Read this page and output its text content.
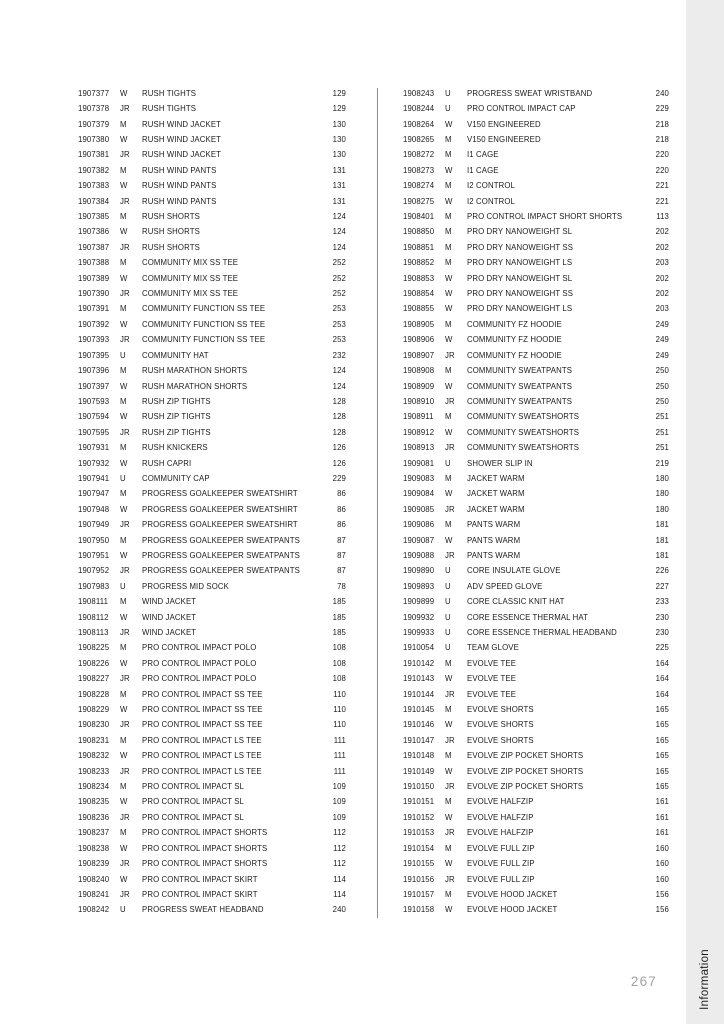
1907377	W	RUSH TIGHTS	129
1907378	JR	RUSH TIGHTS	129
1907379	M	RUSH WIND JACKET	130
1907380	W	RUSH WIND JACKET	130
1907381	JR	RUSH WIND JACKET	130
1907382	M	RUSH WIND PANTS	131
1907383	W	RUSH WIND PANTS	131
1907384	JR	RUSH WIND PANTS	131
1907385	M	RUSH SHORTS	124
1907386	W	RUSH SHORTS	124
1907387	JR	RUSH SHORTS	124
1907388	M	COMMUNITY MIX SS TEE	252
1907389	W	COMMUNITY MIX SS TEE	252
1907390	JR	COMMUNITY MIX SS TEE	252
1907391	M	COMMUNITY FUNCTION SS TEE	253
1907392	W	COMMUNITY FUNCTION SS TEE	253
1907393	JR	COMMUNITY FUNCTION SS TEE	253
1907395	U	COMMUNITY HAT	232
1907396	M	RUSH MARATHON SHORTS	124
1907397	W	RUSH MARATHON SHORTS	124
1907593	M	RUSH ZIP TIGHTS	128
1907594	W	RUSH ZIP TIGHTS	128
1907595	JR	RUSH ZIP TIGHTS	128
1907931	M	RUSH KNICKERS	126
1907932	W	RUSH CAPRI	126
1907941	U	COMMUNITY CAP	229
1907947	M	PROGRESS GOALKEEPER SWEATSHIRT	86
1907948	W	PROGRESS GOALKEEPER SWEATSHIRT	86
1907949	JR	PROGRESS GOALKEEPER SWEATSHIRT	86
1907950	M	PROGRESS GOALKEEPER SWEATPANTS	87
1907951	W	PROGRESS GOALKEEPER SWEATPANTS	87
1907952	JR	PROGRESS GOALKEEPER SWEATPANTS	87
1907983	U	PROGRESS MID SOCK	78
1908111	M	WIND JACKET	185
1908112	W	WIND JACKET	185
1908113	JR	WIND JACKET	185
1908225	M	PRO CONTROL IMPACT POLO	108
1908226	W	PRO CONTROL IMPACT POLO	108
1908227	JR	PRO CONTROL IMPACT POLO	108
1908228	M	PRO CONTROL IMPACT SS TEE	110
1908229	W	PRO CONTROL IMPACT SS TEE	110
1908230	JR	PRO CONTROL IMPACT SS TEE	110
1908231	M	PRO CONTROL IMPACT LS TEE	111
1908232	W	PRO CONTROL IMPACT LS TEE	111
1908233	JR	PRO CONTROL IMPACT LS TEE	111
1908234	M	PRO CONTROL IMPACT SL	109
1908235	W	PRO CONTROL IMPACT SL	109
1908236	JR	PRO CONTROL IMPACT SL	109
1908237	M	PRO CONTROL IMPACT SHORTS	112
1908238	W	PRO CONTROL IMPACT SHORTS	112
1908239	JR	PRO CONTROL IMPACT SHORTS	112
1908240	W	PRO CONTROL IMPACT SKIRT	114
1908241	JR	PRO CONTROL IMPACT SKIRT	114
1908242	U	PROGRESS SWEAT HEADBAND	240
1908243	U	PROGRESS SWEAT WRISTBAND	240
1908244	U	PRO CONTROL IMPACT CAP	229
1908264	W	V150 ENGINEERED	218
1908265	M	V150 ENGINEERED	218
1908272	M	I1 CAGE	220
1908273	W	I1 CAGE	220
1908274	M	I2 CONTROL	221
1908275	W	I2 CONTROL	221
1908401	M	PRO CONTROL IMPACT SHORT SHORTS	113
1908850	M	PRO DRY NANOWEIGHT SL	202
1908851	M	PRO DRY NANOWEIGHT SS	202
1908852	M	PRO DRY NANOWEIGHT LS	203
1908853	W	PRO DRY NANOWEIGHT SL	202
1908854	W	PRO DRY NANOWEIGHT SS	202
1908855	W	PRO DRY NANOWEIGHT LS	203
1908905	M	COMMUNITY FZ HOODIE	249
1908906	W	COMMUNITY FZ HOODIE	249
1908907	JR	COMMUNITY FZ HOODIE	249
1908908	M	COMMUNITY SWEATPANTS	250
1908909	W	COMMUNITY SWEATPANTS	250
1908910	JR	COMMUNITY SWEATPANTS	250
1908911	M	COMMUNITY SWEATSHORTS	251
1908912	W	COMMUNITY SWEATSHORTS	251
1908913	JR	COMMUNITY SWEATSHORTS	251
1909081	U	SHOWER SLIP IN	219
1909083	M	JACKET WARM	180
1909084	W	JACKET WARM	180
1909085	JR	JACKET WARM	180
1909086	M	PANTS WARM	181
1909087	W	PANTS WARM	181
1909088	JR	PANTS WARM	181
1909890	U	CORE INSULATE GLOVE	226
1909893	U	ADV SPEED GLOVE	227
1909899	U	CORE CLASSIC KNIT HAT	233
1909932	U	CORE ESSENCE THERMAL HAT	230
1909933	U	CORE ESSENCE THERMAL HEADBAND	230
1910054	U	TEAM GLOVE	225
1910142	M	EVOLVE TEE	164
1910143	W	EVOLVE TEE	164
1910144	JR	EVOLVE TEE	164
1910145	M	EVOLVE SHORTS	165
1910146	W	EVOLVE SHORTS	165
1910147	JR	EVOLVE SHORTS	165
1910148	M	EVOLVE ZIP POCKET SHORTS	165
1910149	W	EVOLVE ZIP POCKET SHORTS	165
1910150	JR	EVOLVE ZIP POCKET SHORTS	165
1910151	M	EVOLVE HALFZIP	161
1910152	W	EVOLVE HALFZIP	161
1910153	JR	EVOLVE HALFZIP	161
1910154	M	EVOLVE FULL ZIP	160
1910155	W	EVOLVE FULL ZIP	160
1910156	JR	EVOLVE FULL ZIP	160
1910157	M	EVOLVE HOOD JACKET	156
1910158	W	EVOLVE HOOD JACKET	156
267	Information
